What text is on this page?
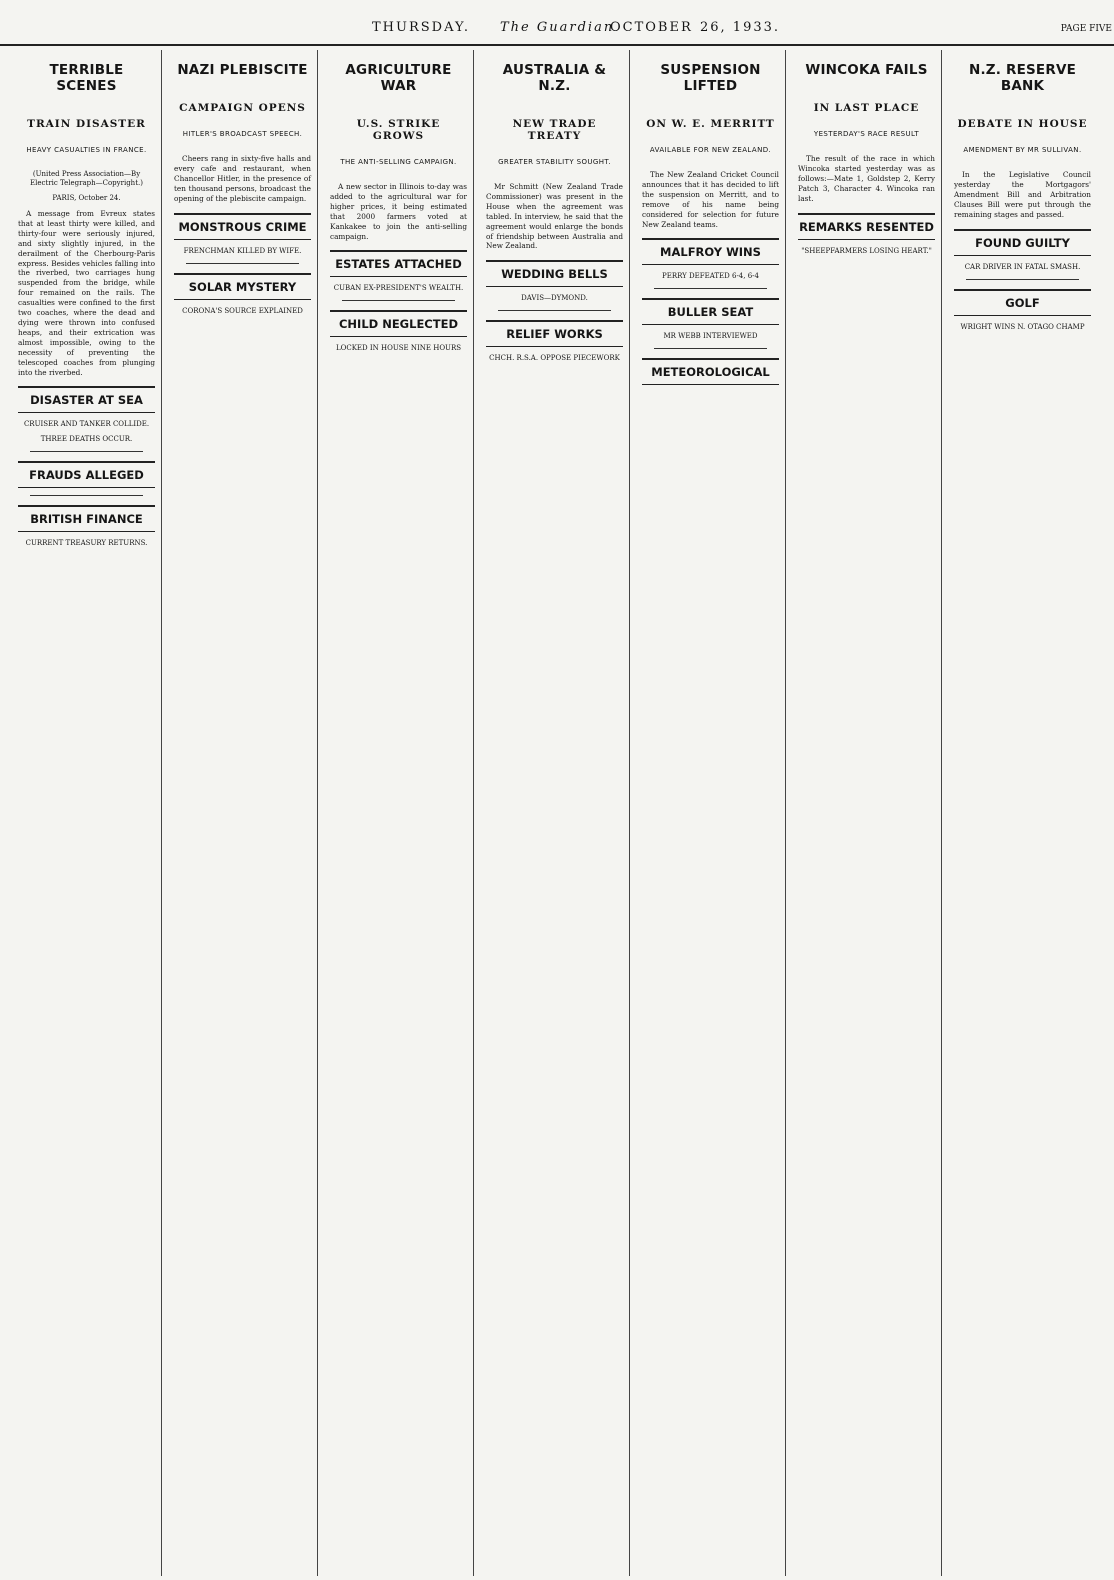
THURSDAY. The Guardian
OCTOBER 26, 1933.	PAGE FIVE
TERRIBLE SCENES
TRAIN DISASTER
HEAVY CASUALTIES IN FRANCE.
(United Press Association—By Electric Telegraph—Copyright.)
PARIS, October 24.

A message from Evreux states that at least thirty were killed, and thirty-four were seriously injured, and sixty slightly injured, in the derailment of the Cherbourg-Paris express. Besides vehicles falling into the riverbed, two carriages hung suspended from the bridge, while four remained on the rails. The casualties were confined to the first two coaches, where the dead and dying were thrown into confused heaps, and their extrication was almost impossible, owing to the necessity of preventing the telescoped coaches from plunging into the riverbed.

DISASTER AT SEA
CRUISER AND TANKER COLLIDE.
THREE DEATHS OCCUR.
FRAUDS ALLEGED
BRITISH FINANCE
CURRENT TREASURY RETURNS.
NAZI PLEBISCITE
CAMPAIGN OPENS
HITLER'S BROADCAST SPEECH.

Cheers rang in sixty-five halls and every cafe and restaurant, when Chancellor Hitler, in the presence of ten thousand persons, broadcast the opening of the plebiscite campaign.

MONSTROUS CRIME
FRENCHMAN KILLED BY WIFE.
SOLAR MYSTERY
CORONA'S SOURCE EXPLAINED
AGRICULTURE WAR
U.S. STRIKE GROWS
THE ANTI-SELLING CAMPAIGN.

A new sector in Illinois to-day was added to the agricultural war for higher prices, it being estimated that 2000 farmers voted at Kankakee to join the anti-selling campaign.

ESTATES ATTACHED
CUBAN EX-PRESIDENT'S WEALTH.
CHILD NEGLECTED
LOCKED IN HOUSE NINE HOURS
AUSTRALIA & N.Z.
NEW TRADE TREATY
GREATER STABILITY SOUGHT.

Mr Schmitt (New Zealand Trade Commissioner) was present in the House when the agreement was tabled. In interview, he said that the agreement would enlarge the bonds of friendship between Australia and New Zealand.

WEDDING BELLS
DAVIS—DYMOND.
RELIEF WORKS
CHCH. R.S.A. OPPOSE PIECEWORK
SUSPENSION LIFTED
ON W. E. MERRITT
AVAILABLE FOR NEW ZEALAND.

The New Zealand Cricket Council announces that it has decided to lift the suspension on Merritt, and to remove of his name being considered for selection for future New Zealand teams.

MALFROY WINS
PERRY DEFEATED 6-4, 6-4
BULLER SEAT
MR WEBB INTERVIEWED
METEOROLOGICAL
WINCOKA FAILS
IN LAST PLACE
YESTERDAY'S RACE RESULT

The result of the race in which Wincoka started yesterday was as follows:—Mate 1, Goldstep 2, Kerry Patch 3, Character 4. Wincoka ran last.

REMARKS RESENTED
"SHEEPFARMERS LOSING HEART."
N.Z. RESERVE BANK
DEBATE IN HOUSE
AMENDMENT BY MR SULLIVAN.

In the Legislative Council yesterday the Mortgagors' Amendment Bill and Arbitration Clauses Bill were put through the remaining stages and passed.

FOUND GUILTY
CAR DRIVER IN FATAL SMASH.
GOLF
WRIGHT WINS N. OTAGO CHAMP
